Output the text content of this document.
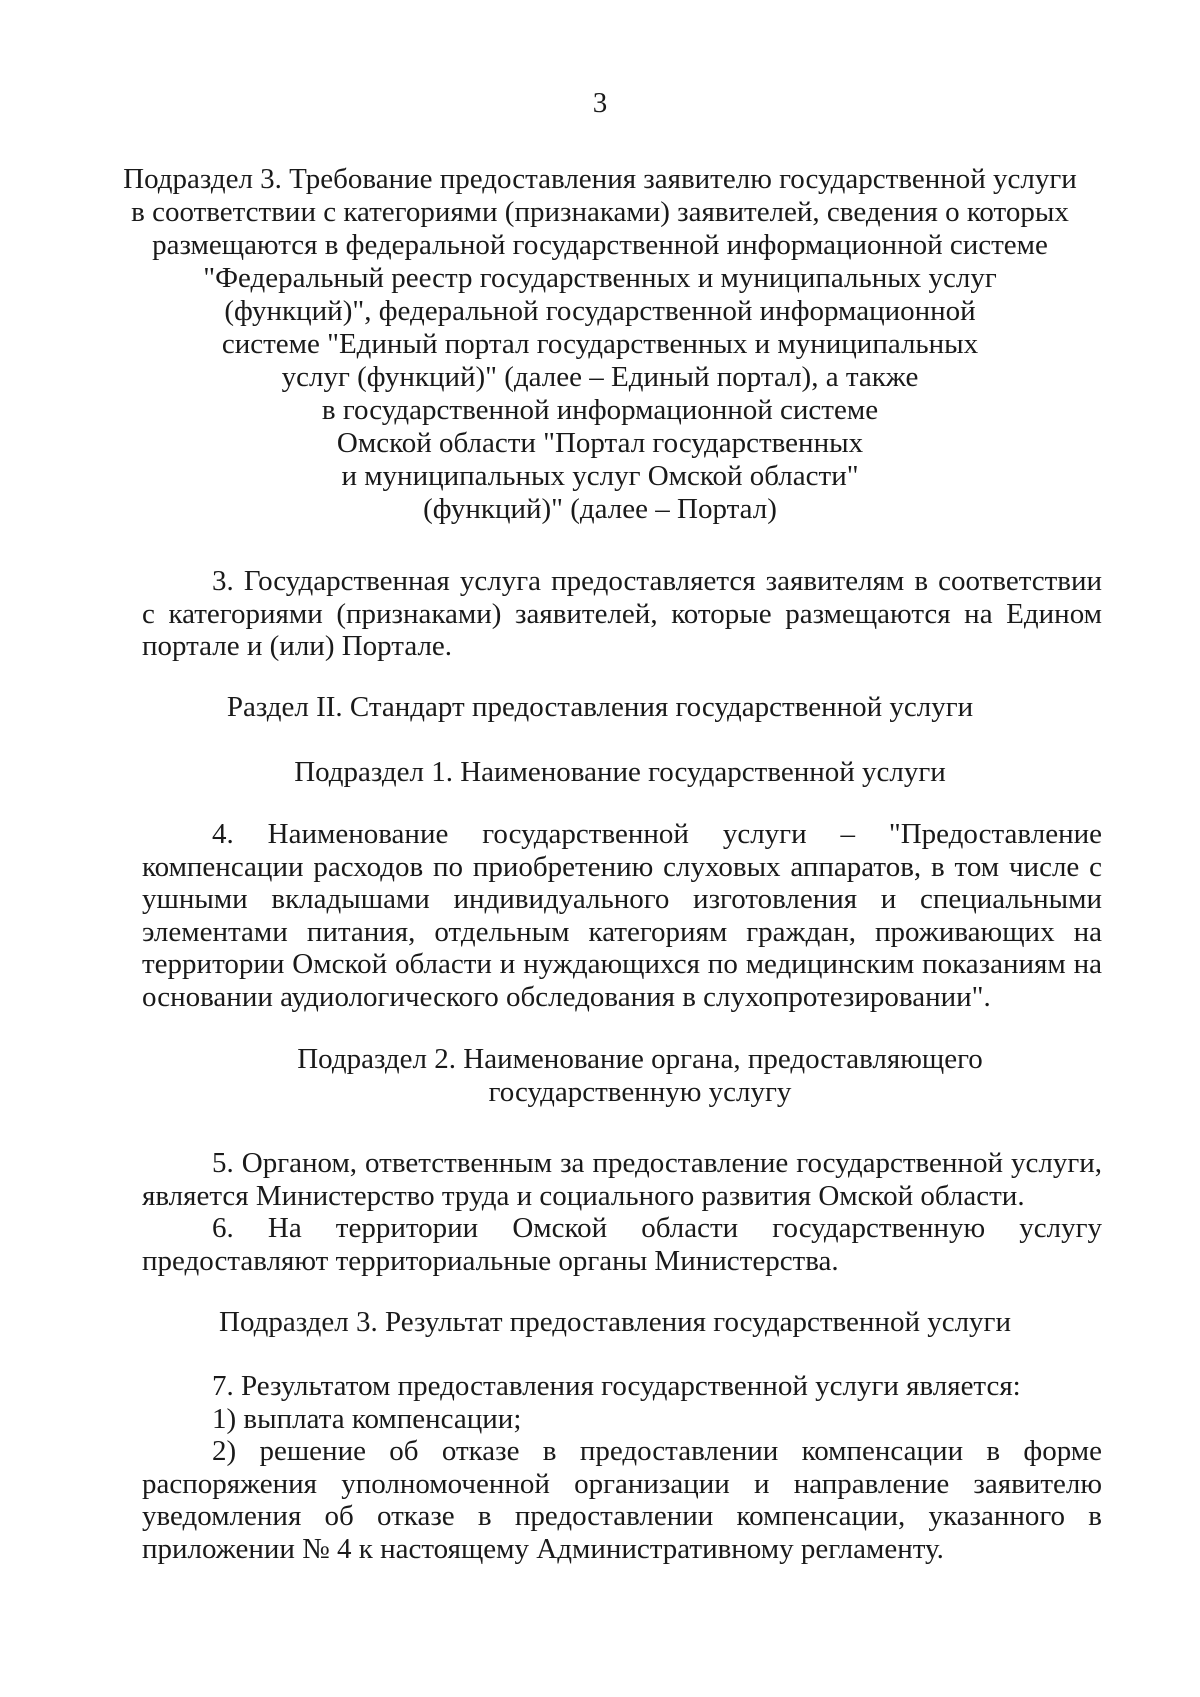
3
Подраздел 3. Требование предоставления заявителю государственной услуги
в соответствии с категориями (признаками) заявителей, сведения о которых
размещаются в федеральной государственной информационной системе
"Федеральный реестр государственных и муниципальных услуг
(функций)", федеральной государственной информационной
системе "Единый портал государственных и муниципальных
услуг (функций)" (далее – Единый портал), а также
в государственной информационной системе
Омской области "Портал государственных
и муниципальных услуг Омской области"
(функций)" (далее – Портал)
3. Государственная услуга предоставляется заявителям в соответствии
с категориями (признаками) заявителей, которые размещаются на Едином
портале и (или) Портале.
Раздел II. Стандарт предоставления государственной услуги
Подраздел 1. Наименование государственной услуги
4. Наименование государственной услуги – "Предоставление
компенсации расходов по приобретению слуховых аппаратов, в том числе с
ушными вкладышами индивидуального изготовления и специальными
элементами питания, отдельным категориям граждан, проживающих на
территории Омской области и нуждающихся по медицинским показаниям на
основании аудиологического обследования в слухопротезировании".
Подраздел 2. Наименование органа, предоставляющего
государственную услугу
5. Органом, ответственным за предоставление государственной услуги,
является Министерство труда и социального развития Омской области.
6. На территории Омской области государственную услугу
предоставляют территориальные органы Министерства.
Подраздел 3. Результат предоставления государственной услуги
7. Результатом предоставления государственной услуги является:
1) выплата компенсации;
2) решение об отказе в предоставлении компенсации в форме
распоряжения уполномоченной организации и направление заявителю
уведомления об отказе в предоставлении компенсации, указанного в
приложении № 4 к настоящему Административному регламенту.
